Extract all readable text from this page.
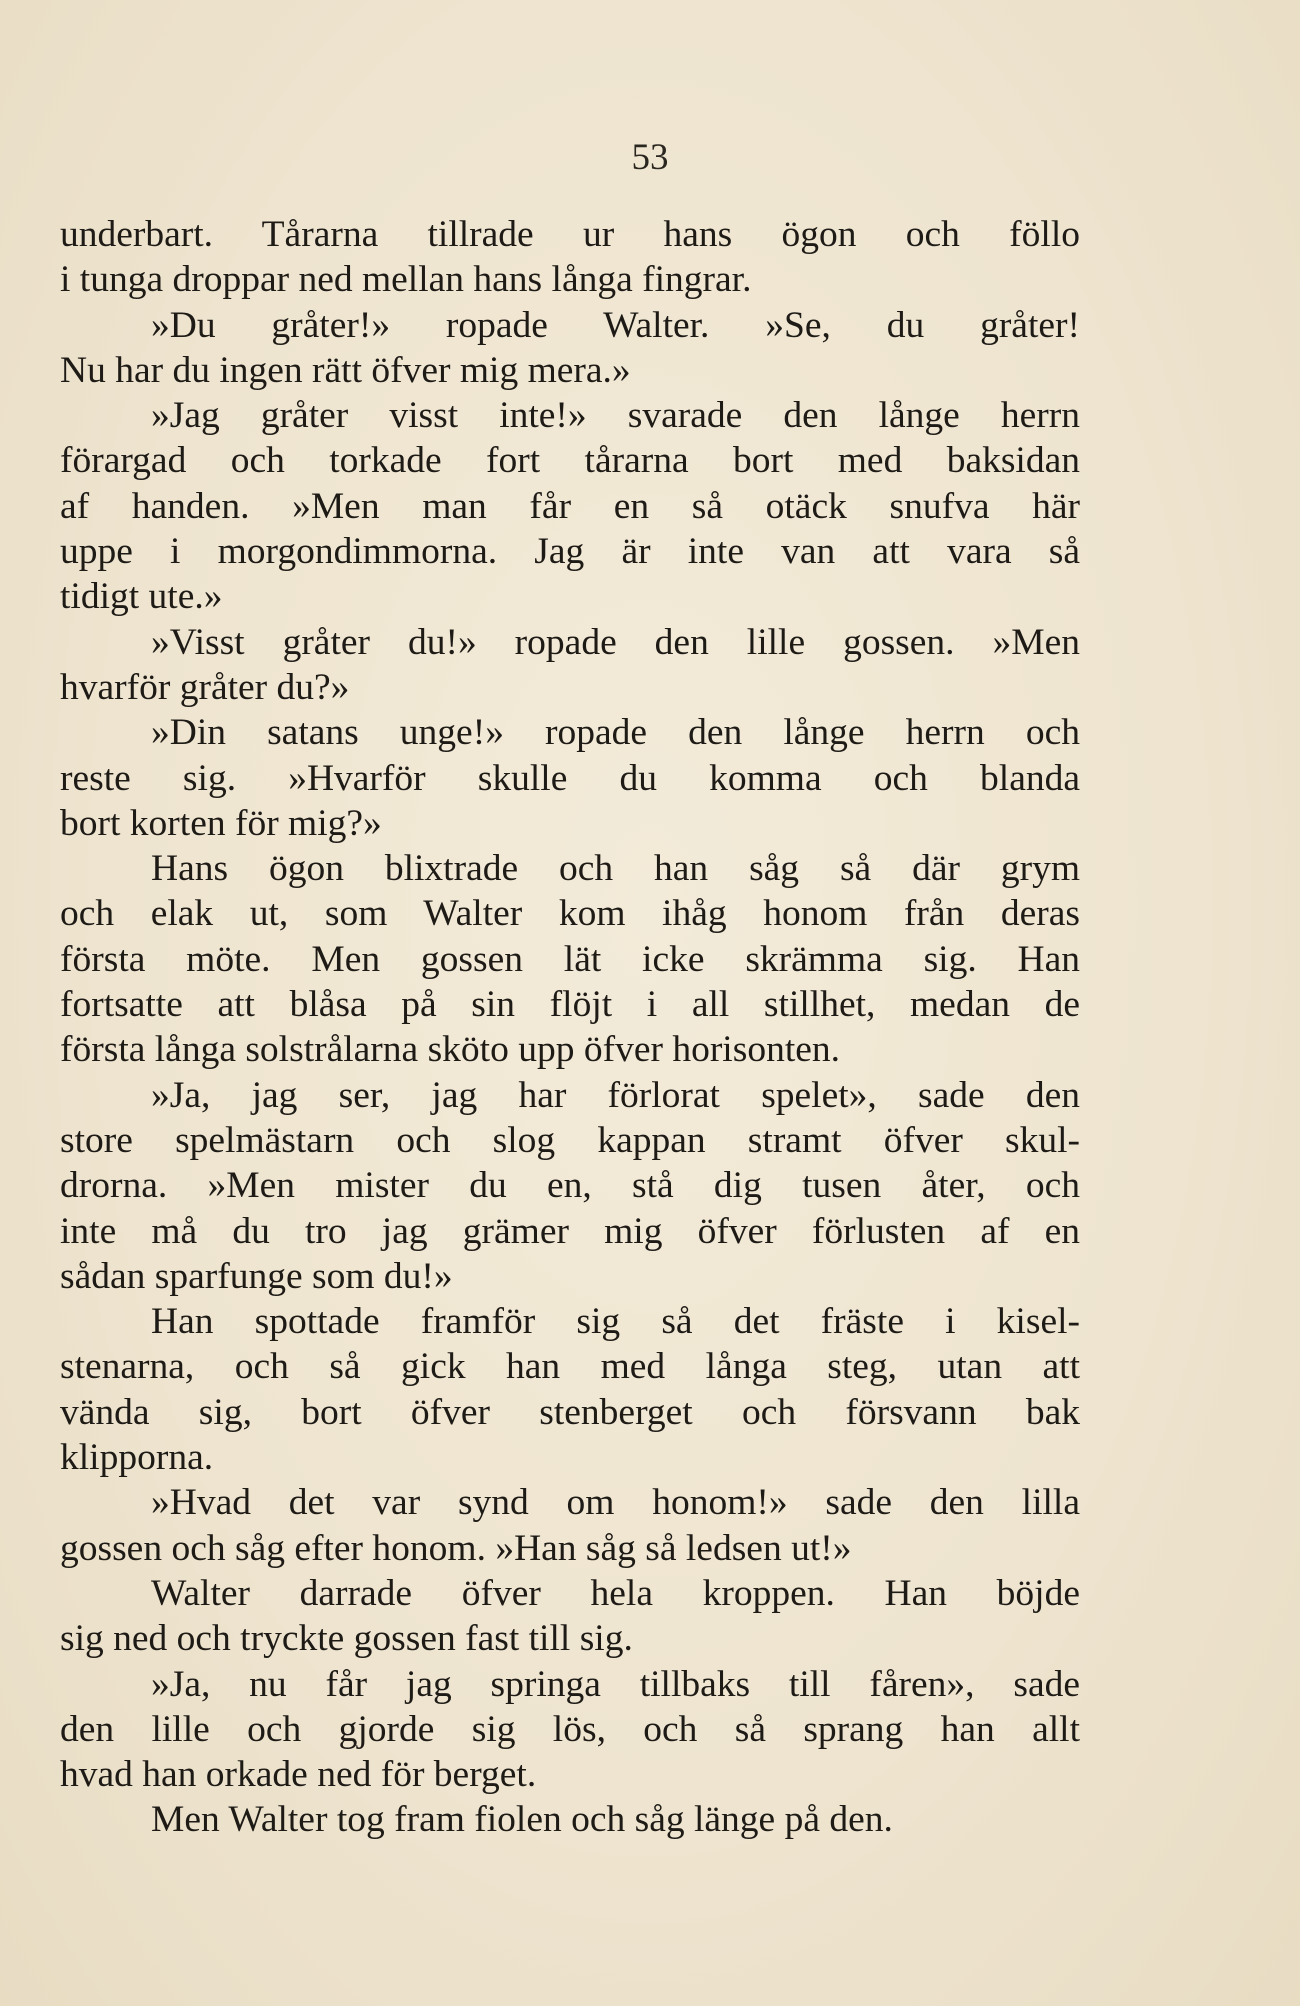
53
underbart. Tårarna tillrade ur hans ögon och föllo
i tunga droppar ned mellan hans långa fingrar.
»Du gråter!» ropade Walter. »Se, du gråter!
Nu har du ingen rätt öfver mig mera.»
»Jag gråter visst inte!» svarade den långe herrn
förargad och torkade fort tårarna bort med baksidan
af handen. »Men man får en så otäck snufva här
uppe i morgondimmorna. Jag är inte van att vara så
tidigt ute.»
»Visst gråter du!» ropade den lille gossen. »Men
hvarför gråter du?»
»Din satans unge!» ropade den långe herrn och
reste sig. »Hvarför skulle du komma och blanda
bort korten för mig?»
Hans ögon blixtrade och han såg så där grym
och elak ut, som Walter kom ihåg honom från deras
första möte. Men gossen lät icke skrämma sig. Han
fortsatte att blåsa på sin flöjt i all stillhet, medan de
första långa solstrålarna sköto upp öfver horisonten.
»Ja, jag ser, jag har förlorat spelet», sade den
store spelmästarn och slog kappan stramt öfver skul-
drorna. »Men mister du en, stå dig tusen åter, och
inte må du tro jag grämer mig öfver förlusten af en
sådan sparfunge som du!»
Han spottade framför sig så det fräste i kisel-
stenarna, och så gick han med långa steg, utan att
vända sig, bort öfver stenberget och försvann bak
klipporna.
»Hvad det var synd om honom!» sade den lilla
gossen och såg efter honom. »Han såg så ledsen ut!»
Walter darrade öfver hela kroppen. Han böjde
sig ned och tryckte gossen fast till sig.
»Ja, nu får jag springa tillbaks till fåren», sade
den lille och gjorde sig lös, och så sprang han allt
hvad han orkade ned för berget.
Men Walter tog fram fiolen och såg länge på den.
